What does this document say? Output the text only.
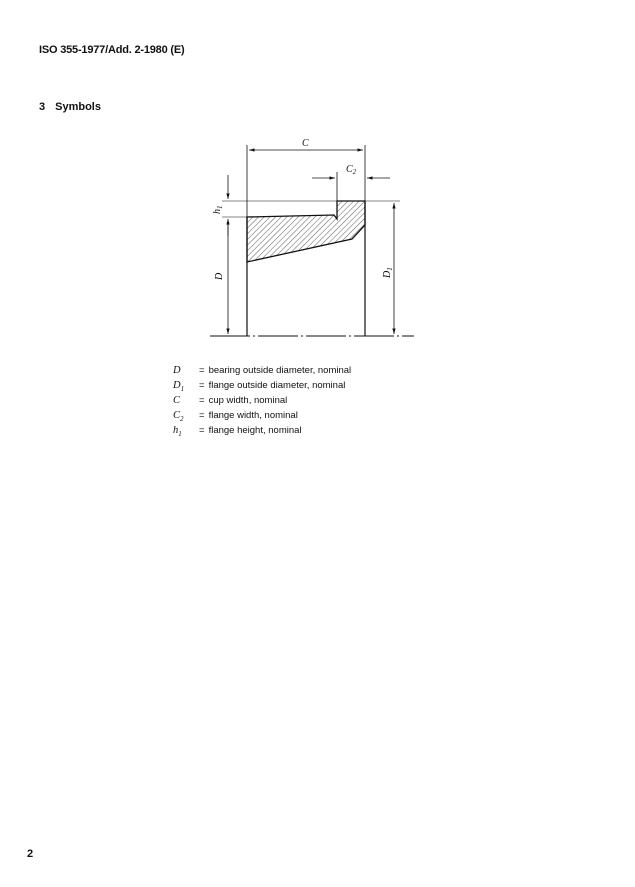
ISO 355-1977/Add. 2-1980 (E)
3 Symbols
C
$C_2$
$h_1$
D	$D_1$
D = bearing outside diameter, nominal
$D_1$ = flange outside diameter, nominal
C = cup width, nominal
$C_2$ = flange width, nominal
$h_1$ = flange height, nominal
2
